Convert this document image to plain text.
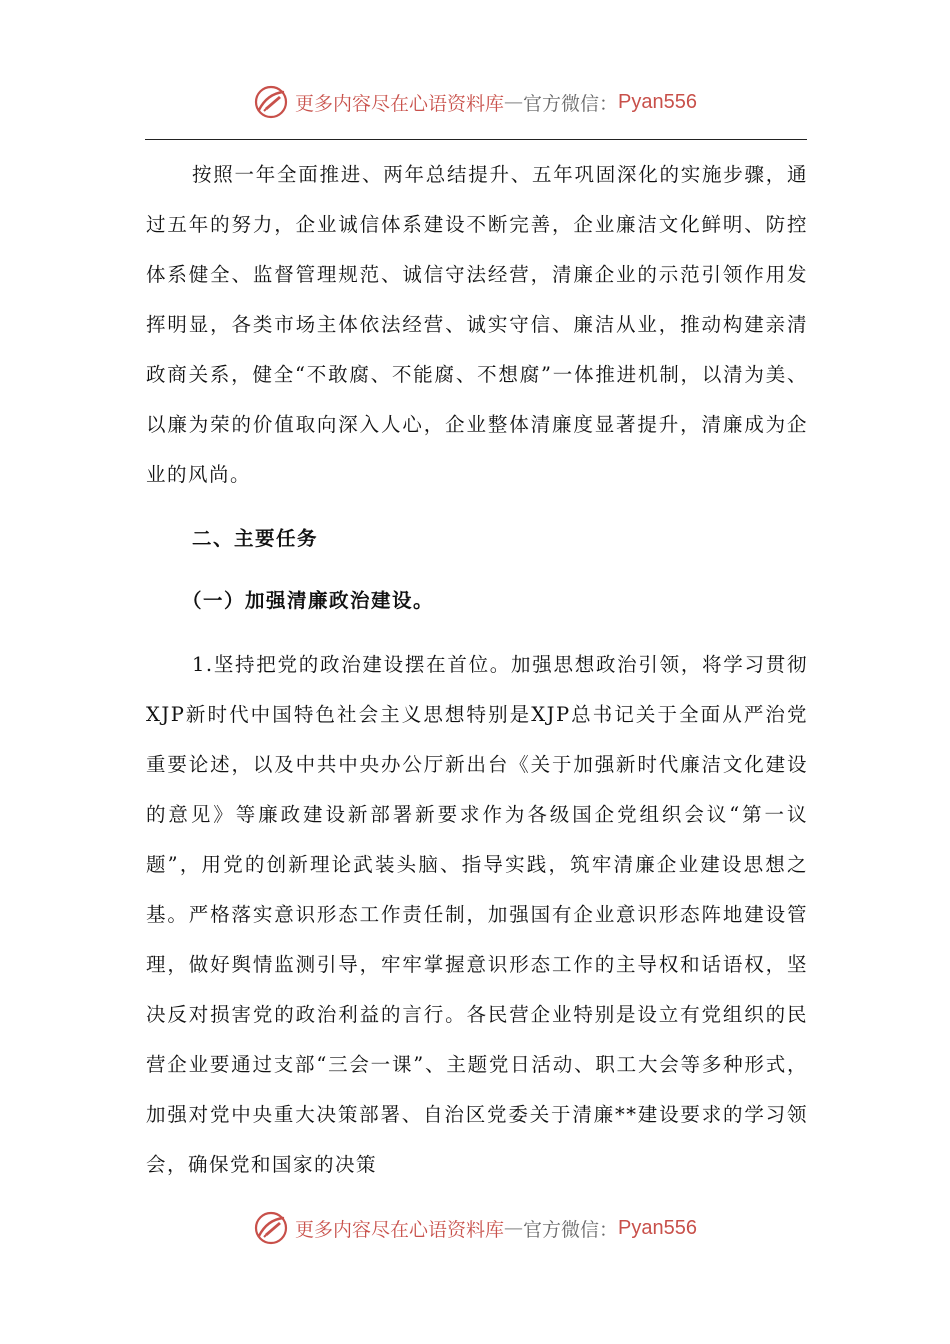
更多内容尽在心语资料库 — 官方微信： Pyan556

按照一年全面推进、两年总结提升、五年巩固深化的实施步骤，通过五年的努力，企业诚信体系建设不断完善，企业廉洁文化鲜明、防控体系健全、监督管理规范、诚信守法经营，清廉企业的示范引领作用发挥明显，各类市场主体依法经营、诚实守信、廉洁从业，推动构建亲清政商关系，健全“不敢腐、不能腐、不想腐”一体推进机制，以清为美、以廉为荣的价值取向深入人心，企业整体清廉度显著提升，清廉成为企业的风尚。

二、主要任务

（一）加强清廉政治建设。

1.坚持把党的政治建设摆在首位。加强思想政治引领，将学习贯彻XJP新时代中国特色社会主义思想特别是XJP总书记关于全面从严治党重要论述，以及中共中央办公厅新出台《关于加强新时代廉洁文化建设的意见》等廉政建设新部署新要求作为各级国企党组织会议“第一议题”，用党的创新理论武装头脑、指导实践，筑牢清廉企业建设思想之基。严格落实意识形态工作责任制，加强国有企业意识形态阵地建设管理，做好舆情监测引导，牢牢掌握意识形态工作的主导权和话语权，坚决反对损害党的政治利益的言行。各民营企业特别是设立有党组织的民营企业要通过支部“三会一课”、主题党日活动、职工大会等多种形式，加强对党中央重大决策部署、自治区党委关于清廉**建设要求的学习领会，确保党和国家的决策

更多内容尽在心语资料库 — 官方微信： Pyan556
